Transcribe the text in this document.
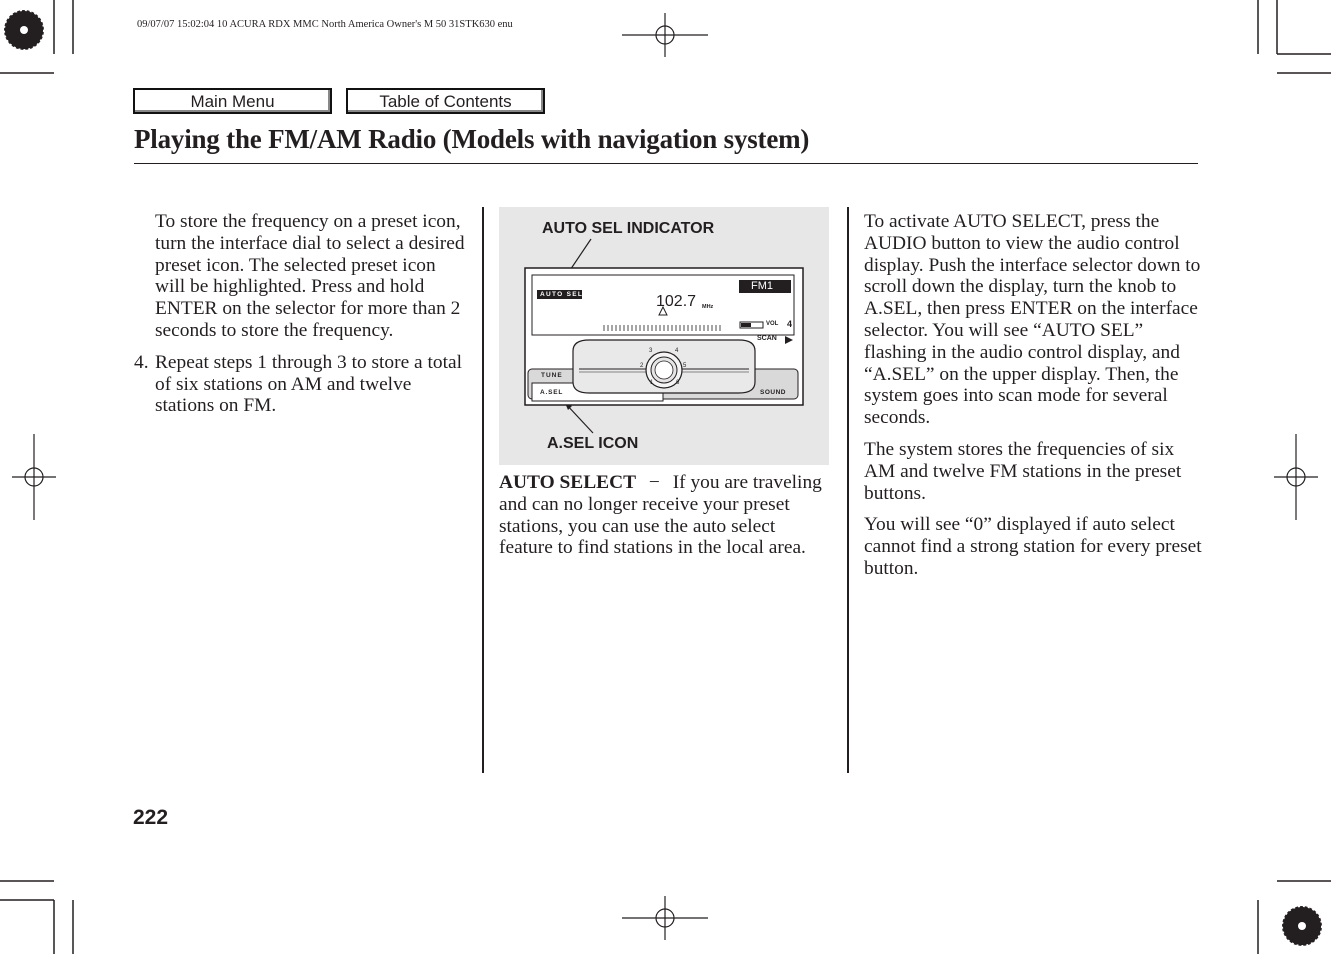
09/07/07 15:02:04 10 ACURA RDX MMC North America Owner's M 50 31STK630 enu
Main Menu	Table of Contents
Playing the FM/AM Radio (Models with navigation system)

To store the frequency on a preset icon, turn the interface dial to select a desired preset icon. The selected preset icon will be highlighted. Press and hold ENTER on the selector for more than 2 seconds to store the frequency.

4. Repeat steps 1 through 3 to store a total of six stations on AM and twelve stations on FM.
AUTO SEL INDICATOR
A.SEL ICON
AUTO SEL
FM1
102.7 MHz
VOL 4
SCAN
TUNE
A.SEL	SOUND
1
2
3	4
5
6

AUTO SELECT − If you are traveling and can no longer receive your preset stations, you can use the auto select feature to find stations in the local area.

To activate AUTO SELECT, press the AUDIO button to view the audio control display. Push the interface selector down to scroll down the display, turn the knob to A.SEL, then press ENTER on the interface selector. You will see “AUTO SEL” flashing in the audio control display, and “A.SEL” on the upper display. Then, the system goes into scan mode for several seconds.

The system stores the frequencies of six AM and twelve FM stations in the preset buttons.

You will see “0” displayed if auto select cannot find a strong station for every preset button.

222
